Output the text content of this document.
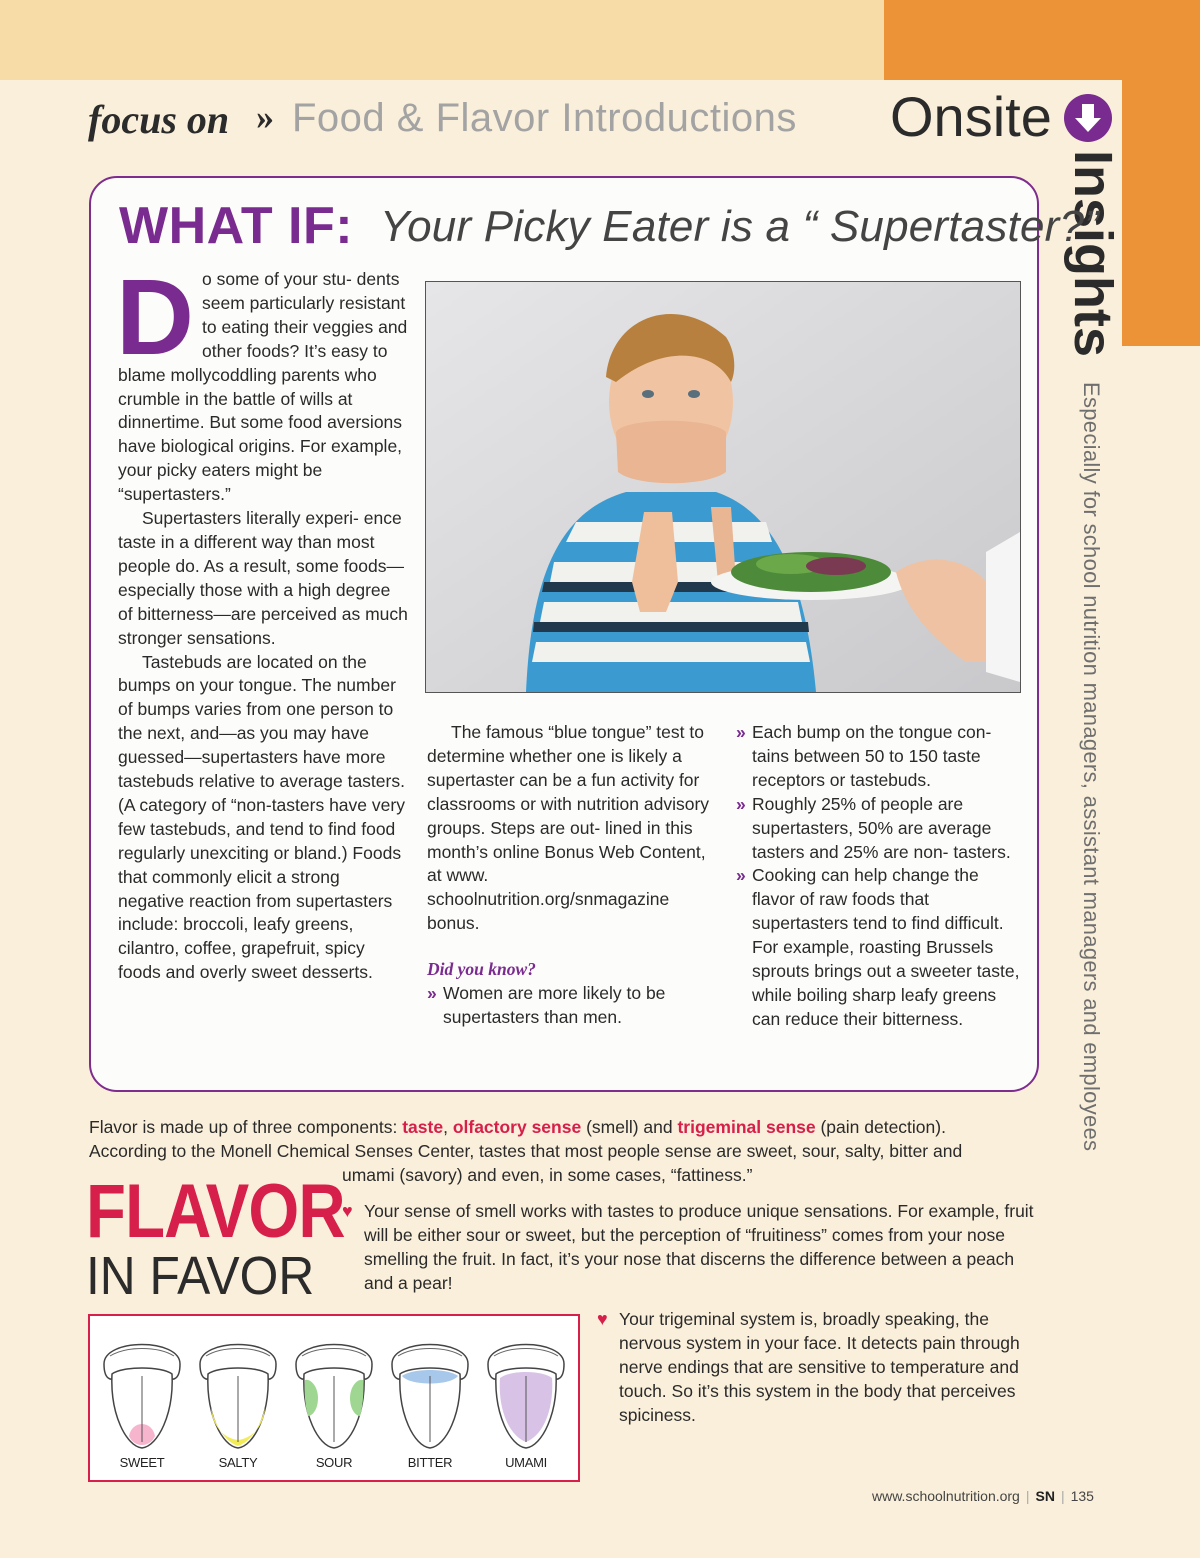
focus on » Food & Flavor Introductions Onsite
Insights
Especially for school nutrition managers, assistant managers and employees
WHAT IF: Your Picky Eater is a “ Supertaster?”
D o some of your stu- dents seem particularly resistant to eating their veggies and other foods? It’s easy to blame mollycoddling parents who crumble in the battle of wills at dinnertime. But some food aversions have biological origins. For example, your picky eaters might be “supertasters.”

Supertasters literally experi- ence taste in a different way than most people do. As a result, some foods—especially those with a high degree of bitterness—are perceived as much stronger sensations.

Tastebuds are located on the bumps on your tongue. The number of bumps varies from one person to the next, and—as you may have guessed—supertasters have more tastebuds relative to average tasters. (A category of “non-tasters have very few tastebuds, and tend to find food regularly unexciting or bland.) Foods that commonly elicit a strong negative reaction from supertasters include: broccoli, leafy greens, cilantro, coffee, grapefruit, spicy foods and overly sweet desserts.

The famous “blue tongue” test to determine whether one is likely a supertaster can be a fun activity for classrooms or with nutrition advisory groups. Steps are out- lined in this month’s online Bonus Web Content, at www. schoolnutrition.org/snmagazine bonus.

Did you know?

» Women are more likely to be supertasters than men.

» Each bump on the tongue con- tains between 50 to 150 taste receptors or tastebuds.

» Roughly 25% of people are supertasters, 50% are average tasters and 25% are non- tasters.

» Cooking can help change the flavor of raw foods that supertasters tend to find difficult. For example, roasting Brussels sprouts brings out a sweeter taste, while boiling sharp leafy greens can reduce their bitterness.

Flavor is made up of three components: taste, olfactory sense (smell) and trigeminal sense (pain detection).

According to the Monell Chemical Senses Center, tastes that most people sense are sweet, sour, salty, bitter and

umami (savory) and even, in some cases, “fattiness.”

FLAVOR
IN FAVOR
♥ Your sense of smell works with tastes to produce unique sensations. For example, fruit will be either sour or sweet, but the perception of “fruitiness” comes from your nose smelling the fruit. In fact, it’s your nose that discerns the difference between a peach and a pear!
♥ Your trigeminal system is, broadly speaking, the nervous system in your face. It detects pain through nerve endings that are sensitive to temperature and touch. So it’s this system in the body that perceives spiciness.
SWEET	SALTY	SOUR	BITTER	UMAMI
www.schoolnutrition.org | SN | 135
